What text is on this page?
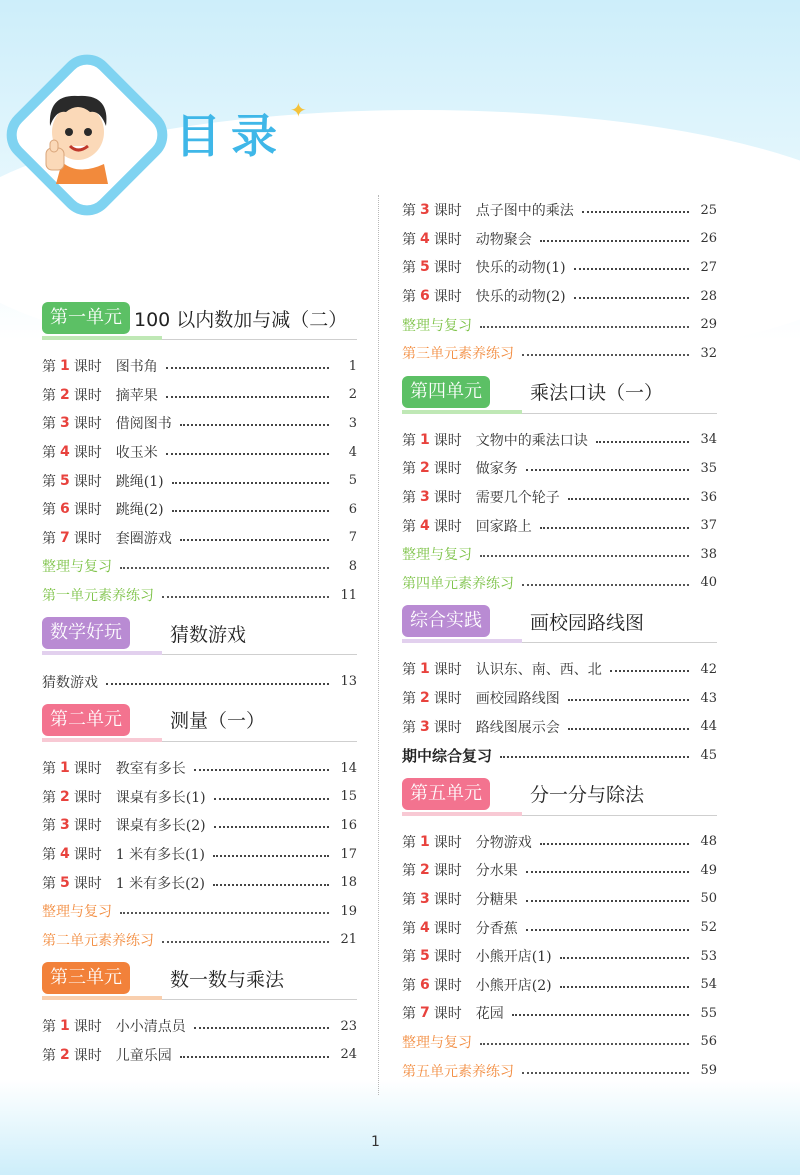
目录 ✦
第一单元 100 以内数加与减（二）
第 1 课时 图书角	1
第 2 课时 摘苹果	2
第 3 课时 借阅图书	3
第 4 课时 收玉米	4
第 5 课时 跳绳(1)	5
第 6 课时 跳绳(2)	6
第 7 课时 套圈游戏	7
整理与复习	8
第一单元素养练习	11
数学好玩	猜数游戏
猜数游戏	13
第二单元	测量（一）
第 1 课时 教室有多长	14
第 2 课时 课桌有多长(1)	15
第 3 课时 课桌有多长(2)	16
第 4 课时 1 米有多长(1)	17
第 5 课时 1 米有多长(2)	18
整理与复习	19
第二单元素养练习	21
第三单元	数一数与乘法
第 1 课时 小小清点员	23
第 2 课时 儿童乐园	24
第 3 课时 点子图中的乘法	25
第 4 课时 动物聚会	26
第 5 课时 快乐的动物(1)	27
第 6 课时 快乐的动物(2)	28
整理与复习	29
第三单元素养练习	32
第四单元	乘法口诀（一）
第 1 课时 文物中的乘法口诀	34
第 2 课时 做家务	35
第 3 课时 需要几个轮子	36
第 4 课时 回家路上	37
整理与复习	38
第四单元素养练习	40
综合实践	画校园路线图
第 1 课时 认识东、南、西、北	42
第 2 课时 画校园路线图	43
第 3 课时 路线图展示会	44
期中综合复习	45
第五单元	分一分与除法
第 1 课时 分物游戏	48
第 2 课时 分水果	49
第 3 课时 分糖果	50
第 4 课时 分香蕉	52
第 5 课时 小熊开店(1)	53
第 6 课时 小熊开店(2)	54
第 7 课时 花园	55
整理与复习	56
第五单元素养练习	59
1
